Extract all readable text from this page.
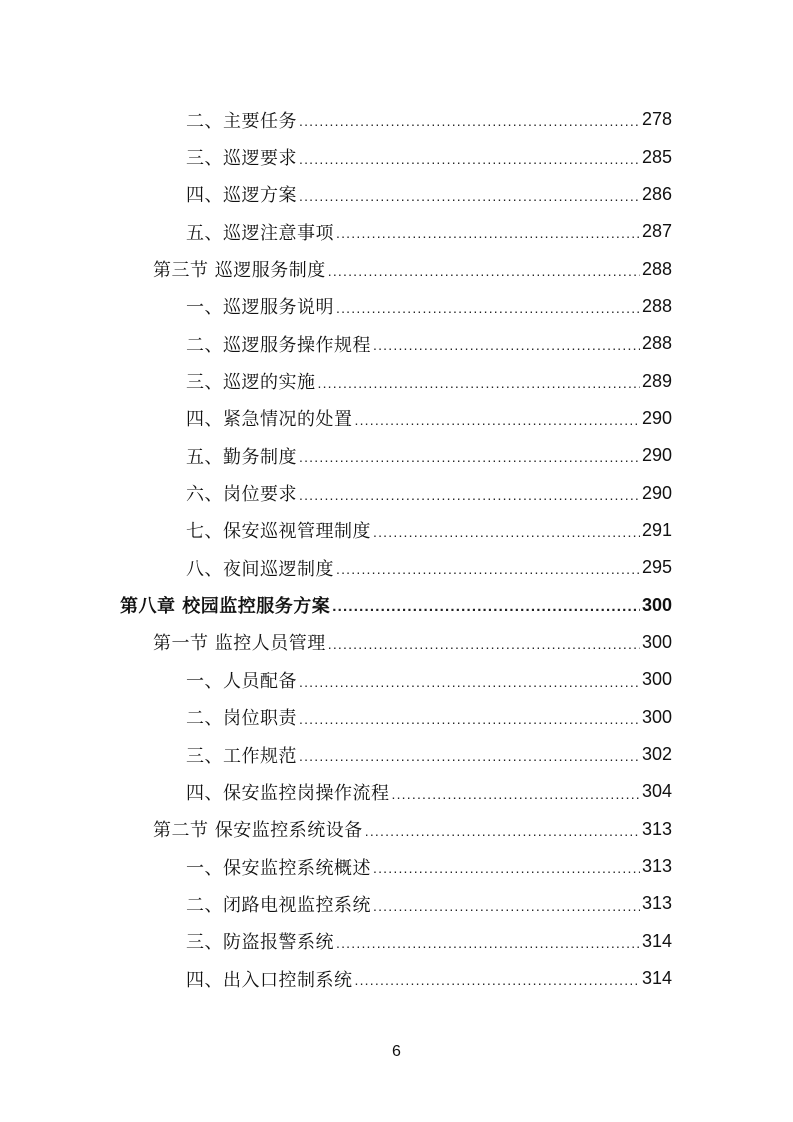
二、主要任务 .....	278
三、巡逻要求 .....	285
四、巡逻方案 .....	286
五、巡逻注意事项 .....	287
第三节 巡逻服务制度 .....	288
一、巡逻服务说明 .....	288
二、巡逻服务操作规程 .....	288
三、巡逻的实施 .....	289
四、紧急情况的处置 .....	290
五、勤务制度 .....	290
六、岗位要求 .....	290
七、保安巡视管理制度 .....	291
八、夜间巡逻制度 .....	295
第八章 校园监控服务方案 .....	300
第一节 监控人员管理 .....	300
一、人员配备 .....	300
二、岗位职责 .....	300
三、工作规范 .....	302
四、保安监控岗操作流程 .....	304
第二节 保安监控系统设备 .....	313
一、保安监控系统概述 .....	313
二、闭路电视监控系统 .....	313
三、防盗报警系统 .....	314
四、出入口控制系统 .....	314
6
